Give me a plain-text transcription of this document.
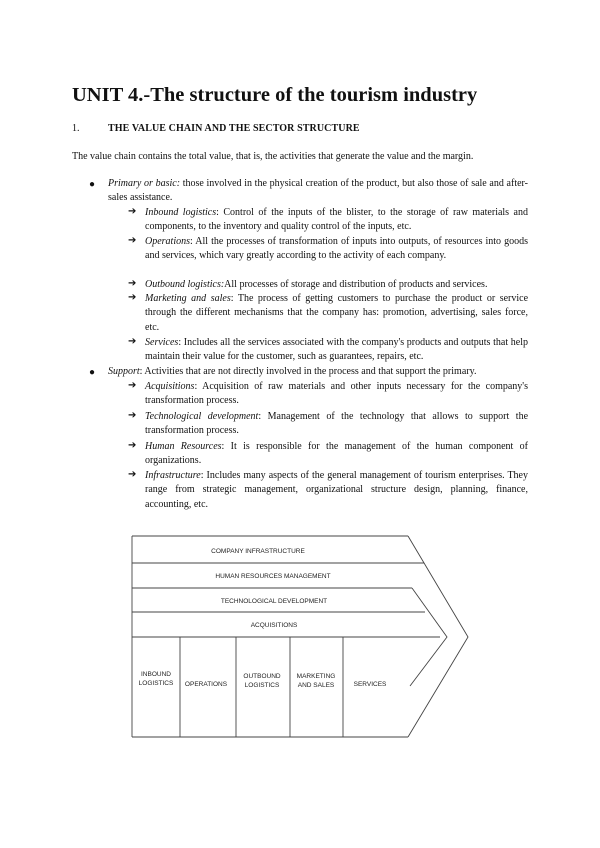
UNIT 4.-The structure of the tourism industry
1.	THE VALUE CHAIN AND THE SECTOR STRUCTURE
The value chain contains the total value, that is, the activities that generate the value and the margin.
● Primary or basic: those involved in the physical creation of the product, but also those of sale and after-sales assistance.
➔ Inbound logistics: Control of the inputs of the blister, to the storage of raw materials and components, to the inventory and quality control of the inputs, etc.
➔ Operations: All the processes of transformation of inputs into outputs, of resources into goods and services, which vary greatly according to the activity of each company.
➔ Outbound logistics:All processes of storage and distribution of products and services.
➔ Marketing and sales: The process of getting customers to purchase the product or service through the different mechanisms that the company has: promotion, advertising, sales force, etc.
➔ Services: Includes all the services associated with the company's products and outputs that help maintain their value for the customer, such as guarantees, repairs, etc.
● Support: Activities that are not directly involved in the process and that support the primary.
➔ Acquisitions: Acquisition of raw materials and other inputs necessary for the company's transformation process.
➔ Technological development: Management of the technology that allows to support the transformation process.
➔ Human Resources: It is responsible for the management of the human component of organizations.
➔ Infrastructure: Includes many aspects of the general management of tourism enterprises. They range from strategic management, organizational structure design, planning, finance, accounting, etc.
COMPANY INFRASTRUCTURE
HUMAN RESOURCES MANAGEMENT
TECHNOLOGICAL DEVELOPMENT
ACQUISITIONS
INBOUND
LOGISTICS OPERATIONS
OUTBOUND
LOGISTICS
MARKETING
AND SALES	SERVICES
